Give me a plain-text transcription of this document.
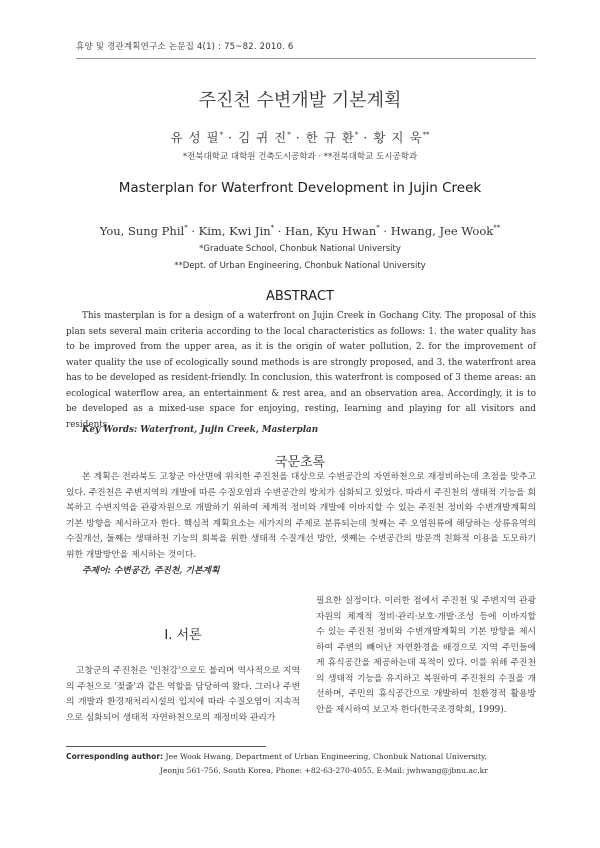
휴양 및 경관계획연구소 논문집 4(1) : 75~82. 2010. 6
주진천 수변개발 기본계획
유 성 필* · 김 귀 진* · 한 규 환* · 황 지 욱**
*전북대학교 대학원 건축도시공학과 · **전북대학교 도시공학과
Masterplan for Waterfront Development in Jujin Creek
You, Sung Phil* · Kim, Kwi Jin* · Han, Kyu Hwan* · Hwang, Jee Wook**
*Graduate School, Chonbuk National University
**Dept. of Urban Engineering, Chonbuk National University
ABSTRACT
This masterplan is for a design of a waterfront on Jujin Creek in Gochang City. The proposal of this plan sets several main criteria according to the local characteristics as follows: 1. the water quality has to be improved from the upper area, as it is the origin of water pollution, 2. for the improvement of water quality the use of ecologically sound methods is are strongly proposed, and 3. the waterfront area has to be developed as resident-friendly. In conclusion, this waterfront is composed of 3 theme areas: an ecological waterflow area, an entertainment & rest area, and an observation area. Accordingly, it is to be developed as a mixed-use space for enjoying, resting, learning and playing for all visitors and residents.
Key Words: Waterfront, Jujin Creek, Masterplan
국문초록
본 계획은 전라북도 고창군 아산면에 위치한 주진천을 대상으로 수변공간의 자연하천으로 재정비하는데 초점을 맞추고 있다. 주진천은 주변지역의 개발에 따른 수질오염과 수변공간의 방치가 심화되고 있었다. 따라서 주진천의 생태적 기능을 회복하고 수변지역을 관광자원으로 개발하기 위하여 체계적 정비와 개발에 이바지할 수 있는 주진천 정비와 수변개발계획의 기본 방향을 제시하고자 한다. 핵심적 계획요소는 세가지의 주제로 분류되는데 첫째는 주 오염원류에 해당하는 상류유역의 수질개선, 둘째는 생태하천 기능의 회복을 위한 생태적 수질개선 방안, 셋째는 수변공간의 방문객 친화적 이용을 도모하기 위한 개발방안을 제시하는 것이다.
주제어: 수변공간, 주진천, 기본계획
Ⅰ. 서론
고창군의 주진천은 '인천강'으로도 불리며 역사적으로 지역의 주천으로 '젖줄'과 같은 역할을 담당하여 왔다. 그러나 주변의 개발과 환경재처리시설의 입지에 따라 수질오염이 지속적으로 심화되어 생태적 자연하천으로의 재정비와 관리가
필요한 실정이다. 이러한 점에서 주진천 및 주변지역 관광자원의 체계적 정비·관리·보호·개발·조성 등에 이바지할 수 있는 주진천 정비와 수변개발계획의 기본 방향을 제시하여 주변의 빼어난 자연환경을 배경으로 지역 주민들에게 휴식공간을 제공하는데 목적이 있다. 이를 위해 주진천의 생태적 기능을 유지하고 복원하여 주진천의 수질을 개선하며, 주민의 휴식공간으로 개발하여 친환경적 활용방안을 제시하여 보고자 한다(한국조경학회, 1999).
Corresponding author: Jee Wook Hwang, Department of Urban Engineering, Chonbuk National University,
Jeonju 561-756, South Korea, Phone: +82-63-270-4055, E-Mail: jwhwang@jbnu.ac.kr
